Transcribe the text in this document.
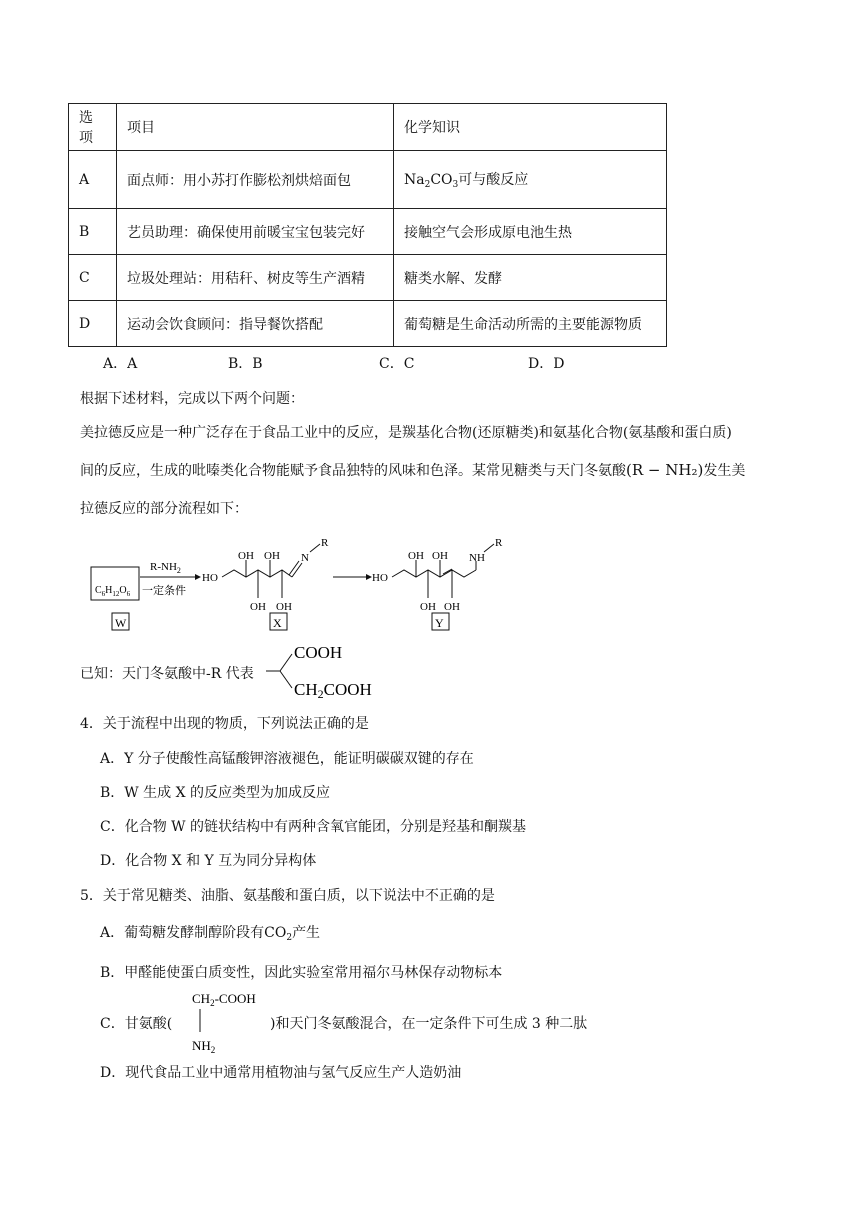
选项	项目	化学知识
A	面点师：用小苏打作膨松剂烘焙面包	$Na_2CO_3$可与酸反应
B	艺员助理：确保使用前暖宝宝包装完好	接触空气会形成原电池生热
C	垃圾处理站：用秸秆、树皮等生产酒精	糖类水解、发酵
D	运动会饮食顾问：指导餐饮搭配	葡萄糖是生命活动所需的主要能源物质
A．A	B．B	C．C	D．D
根据下述材料，完成以下两个问题：
美拉德反应是一种广泛存在于食品工业中的反应，是羰基化合物(还原糖类)和氨基化合物(氨基酸和蛋白质)
间的反应，生成的吡嗪类化合物能赋予食品独特的风味和色泽。某常见糖类与天门冬氨酸(R − NH₂)发生美
拉德反应的部分流程如下：
$C_6H_{12}O_6$
$R-NH_2$
一定条件
HO
OH OH
OH OH
N
R
HO
OH OH
OH OH
NH
R
W	X	Y
已知：天门冬氨酸中-R 代表
COOH
CH2COOH
4．关于流程中出现的物质，下列说法正确的是
A．Y 分子使酸性高锰酸钾溶液褪色，能证明碳碳双键的存在
B．W 生成 X 的反应类型为加成反应
C．化合物 W 的链状结构中有两种含氧官能团，分别是羟基和酮羰基
D．化合物 X 和 Y 互为同分异构体
5．关于常见糖类、油脂、氨基酸和蛋白质，以下说法中不正确的是
A．葡萄糖发酵制醇阶段有$CO_2$产生
B．甲醛能使蛋白质变性，因此实验室常用福尔马林保存动物标本
C．甘氨酸(
$CH_2$-COOH
$NH_2$
)和天门冬氨酸混合，在一定条件下可生成 3 种二肽
D．现代食品工业中通常用植物油与氢气反应生产人造奶油
